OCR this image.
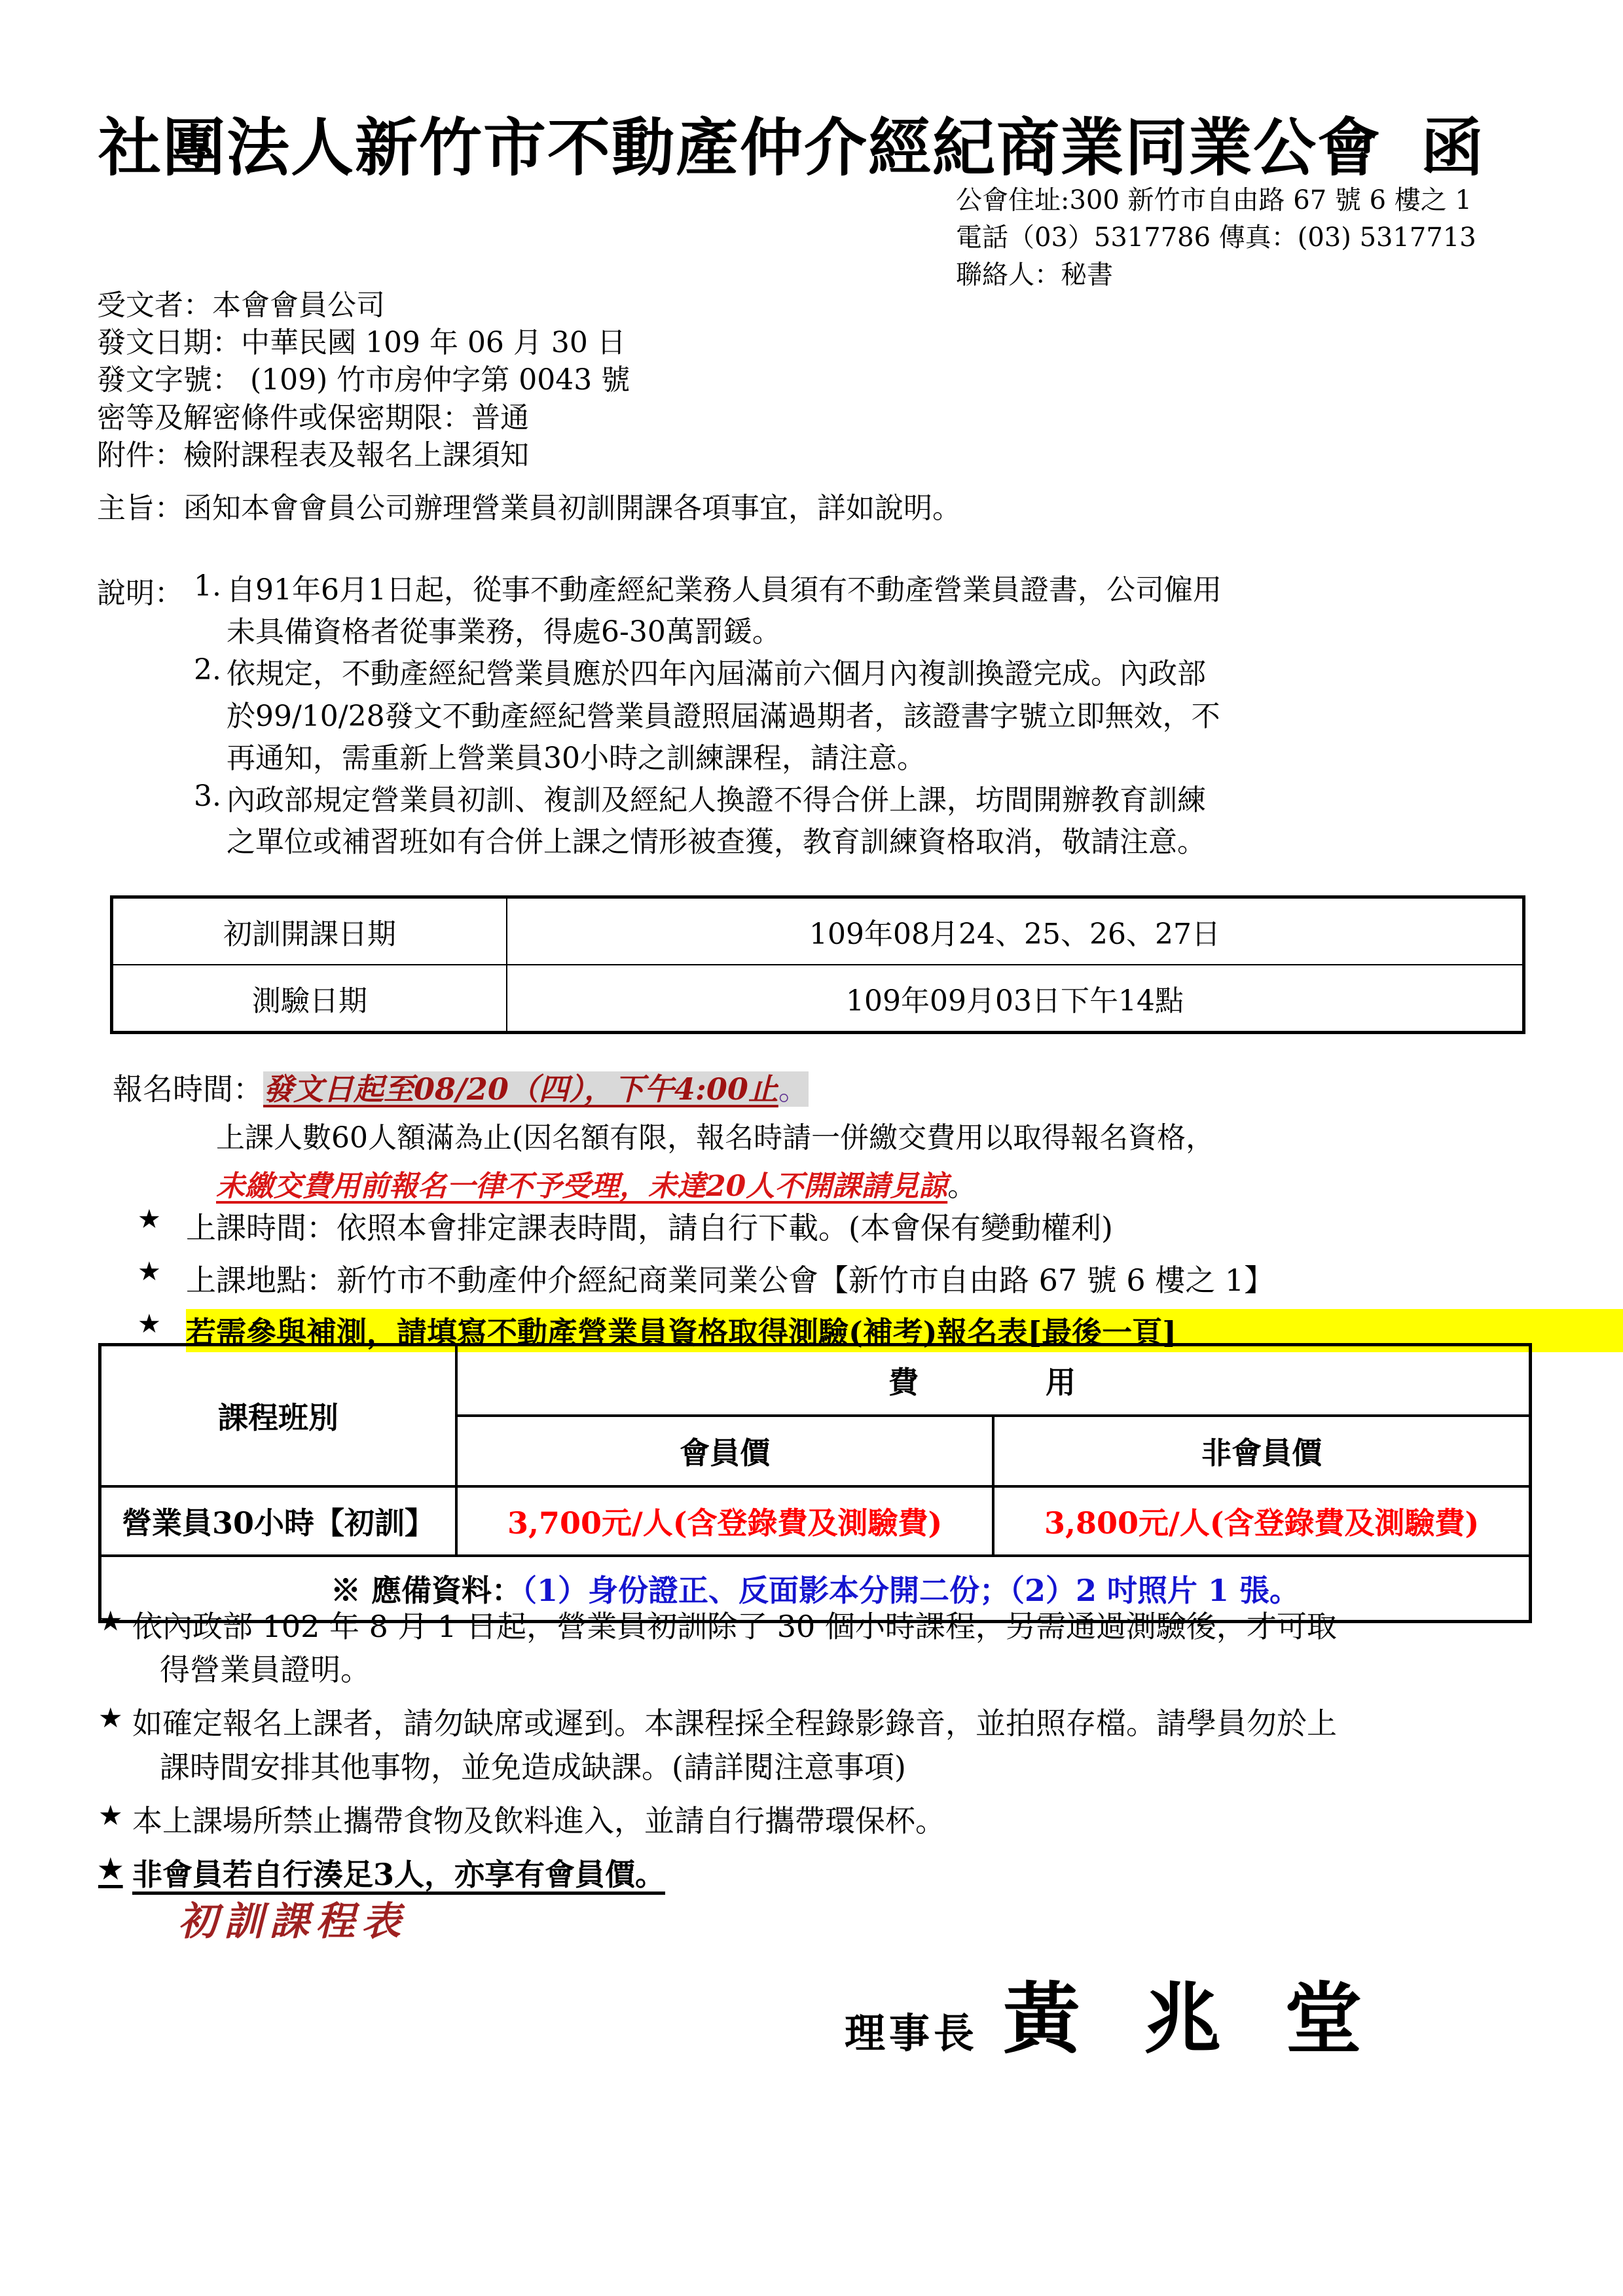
社團法人新竹市不動產仲介經紀商業同業公會 函
公會住址:300 新竹市自由路 67 號 6 樓之 1
電話（03）5317786 傳真：(03) 5317713
聯絡人：秘書
受文者：本會會員公司
發文日期：中華民國 109 年 06 月 30 日
發文字號： (109) 竹市房仲字第 0043 號
密等及解密條件或保密期限：普通
附件：檢附課程表及報名上課須知
主旨：函知本會會員公司辦理營業員初訓開課各項事宜，詳如說明。
說明： 1. 自91年6月1日起，從事不動產經紀業務人員須有不動產營業員證書，公司僱用
未具備資格者從事業務，得處6-30萬罰鍰。
2. 依規定，不動產經紀營業員應於四年內屆滿前六個月內複訓換證完成。內政部
於99/10/28發文不動產經紀營業員證照屆滿過期者，該證書字號立即無效，不
再通知，需重新上營業員30小時之訓練課程，請注意。
3. 內政部規定營業員初訓、複訓及經紀人換證不得合併上課，坊間開辦教育訓練
之單位或補習班如有合併上課之情形被查獲，教育訓練資格取消，敬請注意。
初訓開課日期	109年08月24、25、26、27日
測驗日期	109年09月03日下午14點
報名時間：發文日起至08/20（四），下午4:00止。
上課人數60人額滿為止(因名額有限，報名時請一併繳交費用以取得報名資格，
未繳交費用前報名一律不予受理，未達20人不開課請見諒。
★ 上課時間：依照本會排定課表時間，請自行下載。(本會保有變動權利)
★ 上課地點：新竹市不動產仲介經紀商業同業公會【新竹市自由路 67 號 6 樓之 1】
★ 若需參與補測，請填寫不動產營業員資格取得測驗(補考)報名表[最後一頁]
課程班別	費　　用	
	會員價	非會員價
營業員30小時【初訓】	3,700元/人(含登錄費及測驗費)	3,800元/人(含登錄費及測驗費)
※ 應備資料：（1）身份證正、反面影本分開二份；（2）2 吋照片 1 張。		
★ 依內政部 102 年 8 月 1 日起，營業員初訓除了 30 個小時課程，另需通過測驗後，才可取
得營業員證明。
★ 如確定報名上課者，請勿缺席或遲到。本課程採全程錄影錄音，並拍照存檔。請學員勿於上
課時間安排其他事物，並免造成缺課。(請詳閱注意事項)
★ 本上課場所禁止攜帶食物及飲料進入，並請自行攜帶環保杯。
★ 非會員若自行湊足3人，亦享有會員價。
初訓課程表
理事長 黃 兆 堂
